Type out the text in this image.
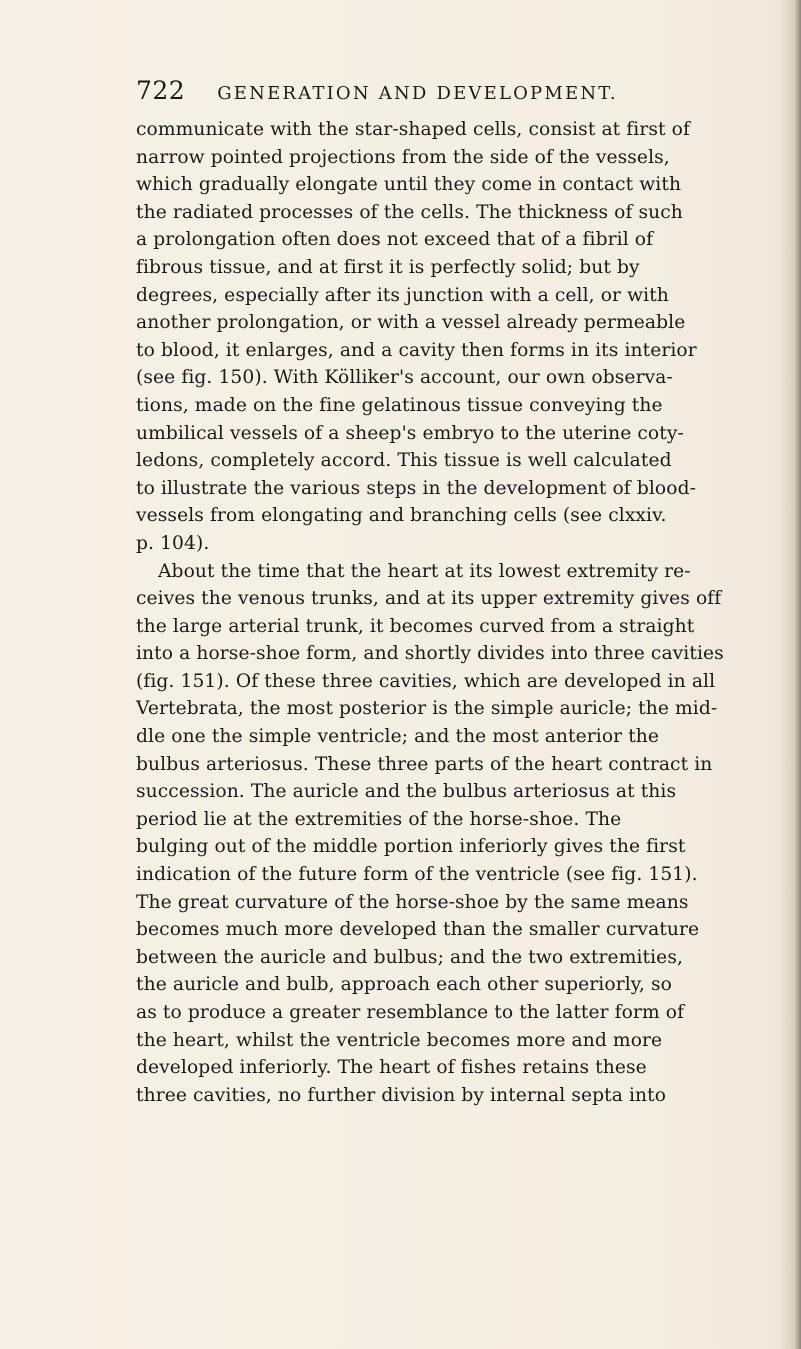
722 GENERATION AND DEVELOPMENT.
communicate with the star-shaped cells, consist at first of
narrow pointed projections from the side of the vessels,
which gradually elongate until they come in contact with
the radiated processes of the cells. The thickness of such
a prolongation often does not exceed that of a fibril of
fibrous tissue, and at first it is perfectly solid; but by
degrees, especially after its junction with a cell, or with
another prolongation, or with a vessel already permeable
to blood, it enlarges, and a cavity then forms in its interior
(see fig. 150). With Kölliker's account, our own observa-
tions, made on the fine gelatinous tissue conveying the
umbilical vessels of a sheep's embryo to the uterine coty-
ledons, completely accord. This tissue is well calculated
to illustrate the various steps in the development of blood-
vessels from elongating and branching cells (see clxxiv.
p. 104).
About the time that the heart at its lowest extremity re-
ceives the venous trunks, and at its upper extremity gives off
the large arterial trunk, it becomes curved from a straight
into a horse-shoe form, and shortly divides into three cavities
(fig. 151). Of these three cavities, which are developed in all
Vertebrata, the most posterior is the simple auricle; the mid-
dle one the simple ventricle; and the most anterior the
bulbus arteriosus. These three parts of the heart contract in
succession. The auricle and the bulbus arteriosus at this
period lie at the extremities of the horse-shoe. The
bulging out of the middle portion inferiorly gives the first
indication of the future form of the ventricle (see fig. 151).
The great curvature of the horse-shoe by the same means
becomes much more developed than the smaller curvature
between the auricle and bulbus; and the two extremities,
the auricle and bulb, approach each other superiorly, so
as to produce a greater resemblance to the latter form of
the heart, whilst the ventricle becomes more and more
developed inferiorly. The heart of fishes retains these
three cavities, no further division by internal septa into
